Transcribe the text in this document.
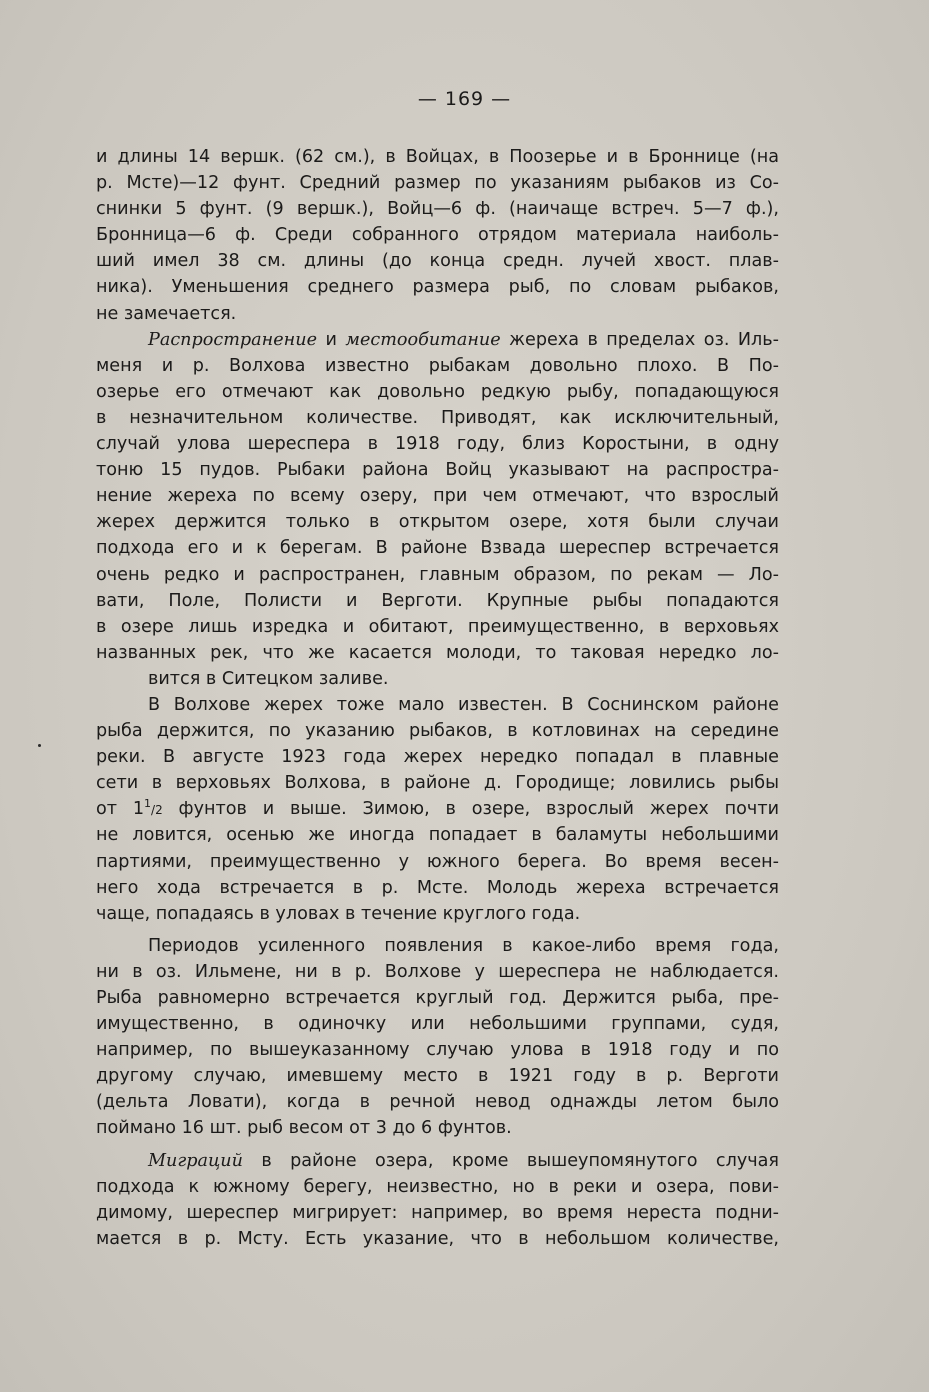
— 169 —
и длины 14 вершк. (62 см.), в Войцах, в Поозерье и в Броннице (на
р. Мсте)—12 фунт. Средний размер по указаниям рыбаков из Со-
снинки 5 фунт. (9 вершк.), Войц—6 ф. (наичаще встреч. 5—7 ф.),
Бронница—6 ф. Среди собранного отрядом материала наиболь-
ший имел 38 см. длины (до конца средн. лучей хвост. плав-
ника). Уменьшения среднего размера рыб, по словам рыбаков,
не замечается.
Распространение и местообитание жереха в пределах оз. Иль-
меня и р. Волхова известно рыбакам довольно плохо. В По-
озерье его отмечают как довольно редкую рыбу, попадающуюся
в незначительном количестве. Приводят, как исключительный,
случай улова шереспера в 1918 году, близ Коростыни, в одну
тоню 15 пудов. Рыбаки района Войц указывают на распростра-
нение жереха по всему озеру, при чем отмечают, что взрослый
жерех держится только в открытом озере, хотя были случаи
подхода его и к берегам. В районе Взвада шереспер встречается
очень редко и распространен, главным образом, по рекам — Ло-
вати, Поле, Полисти и Верготи. Крупные рыбы попадаются
в озере лишь изредка и обитают, преимущественно, в верховьях
названных рек, что же касается молоди, то таковая нередко ло-
вится в Ситецком заливе.
В Волхове жерех тоже мало известен. В Соснинском районе
рыба держится, по указанию рыбаков, в котловинах на середине
реки. В августе 1923 года жерех нередко попадал в плавные
сети в верховьях Волхова, в районе д. Городище; ловились рыбы
от $1^1/2$ фунтов и выше. Зимою, в озере, взрослый жерех почти
не ловится, осенью же иногда попадает в баламуты небольшими
партиями, преимущественно у южного берега. Во время весен-
него хода встречается в р. Мсте. Молодь жереха встречается
чаще, попадаясь в уловах в течение круглого года.
Периодов усиленного появления в какое-либо время года,
ни в оз. Ильмене, ни в р. Волхове у шереспера не наблюдается.
Рыба равномерно встречается круглый год. Держится рыба, пре-
имущественно, в одиночку или небольшими группами, судя,
например, по вышеуказанному случаю улова в 1918 году и по
другому случаю, имевшему место в 1921 году в р. Верготи
(дельта Ловати), когда в речной невод однажды летом было
поймано 16 шт. рыб весом от 3 до 6 фунтов.
Миграций в районе озера, кроме вышеупомянутого случая
подхода к южному берегу, неизвестно, но в реки и озера, пови-
димому, шереспер мигрирует: например, во время нереста подни-
мается в р. Мсту. Есть указание, что в небольшом количестве,
